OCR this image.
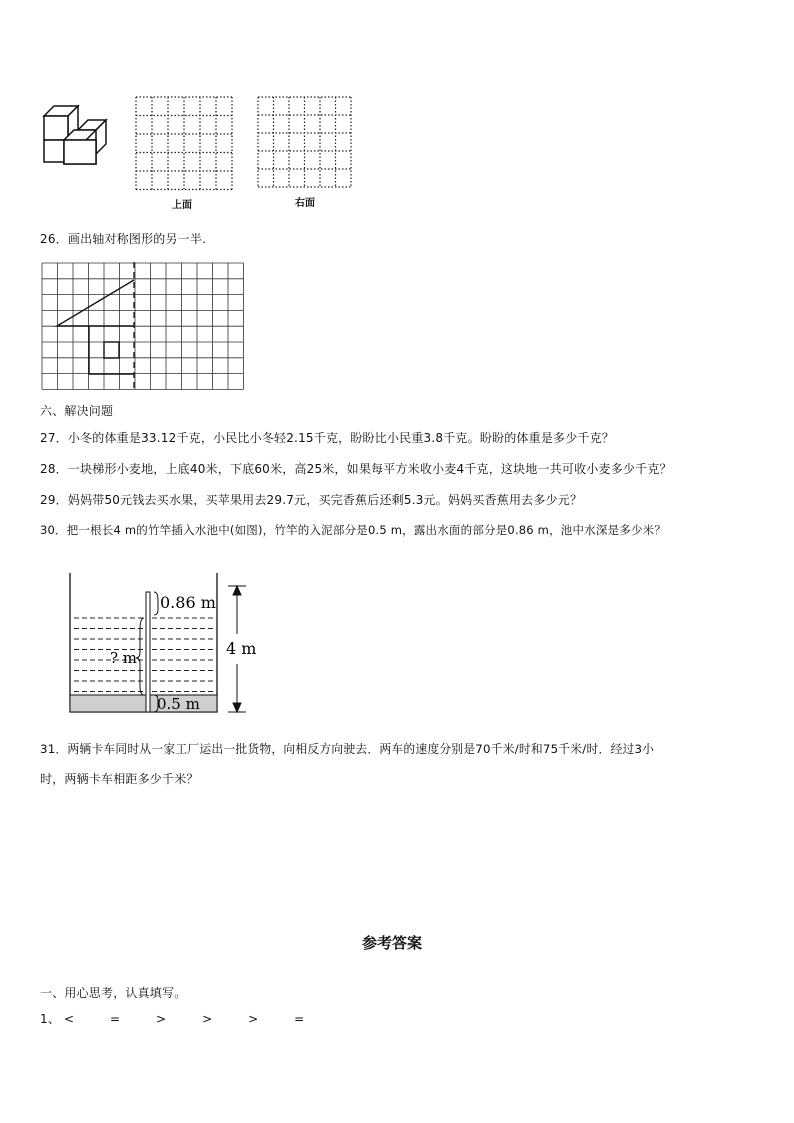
上面	右面
26．画出轴对称图形的另一半.
六、解决问题
27．小冬的体重是33.12千克，小民比小冬轻2.15千克，盼盼比小民重3.8千克。盼盼的体重是多少千克？
28．一块梯形小麦地，上底40米，下底60米，高25米，如果每平方米收小麦4千克，这块地一共可收小麦多少千克？
29．妈妈带50元钱去买水果，买苹果用去29.7元，买完香蕉后还剩5.3元。妈妈买香蕉用去多少元？
30．把一根长4 m的竹竿插入水池中(如图)，竹竿的入泥部分是0.5 m，露出水面的部分是0.86 m，池中水深是多少米？
0.86 m
4 m
? m
0.5 m
31．两辆卡车同时从一家工厂运出一批货物，向相反方向驶去．两车的速度分别是70千米/时和75千米/时．经过3小
时，两辆卡车相距多少千米？
参考答案
一、用心思考，认真填写。
1、 <	=	>	>	>	=
